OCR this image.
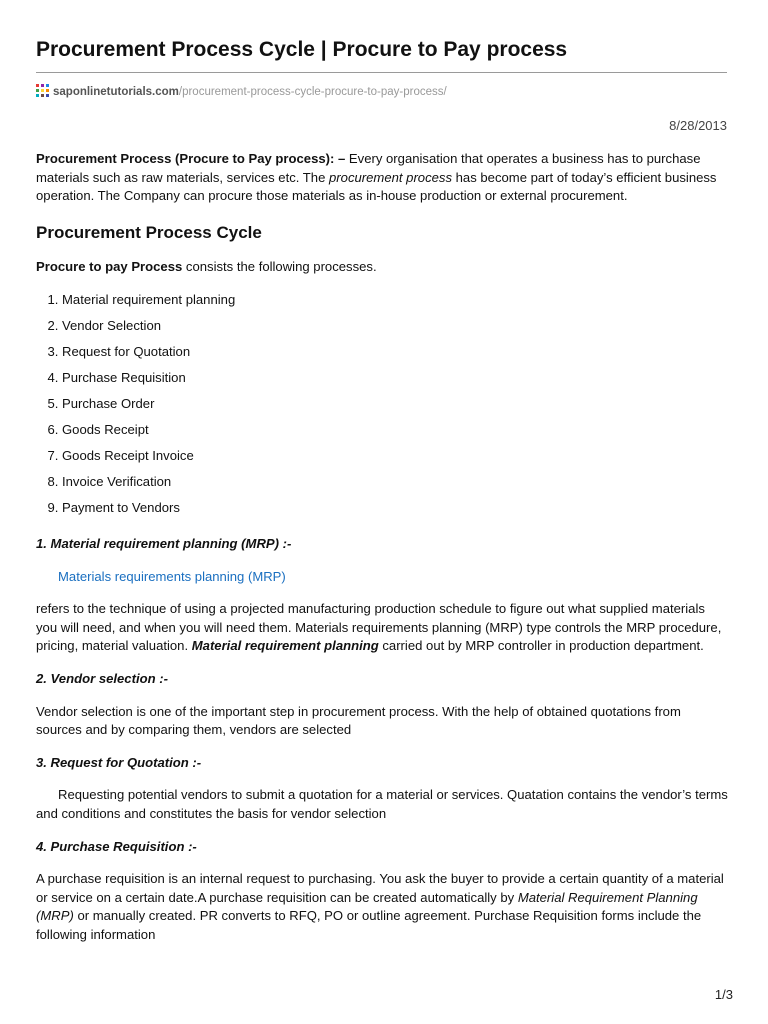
Procurement Process Cycle | Procure to Pay process
saponlinetutorials.com/procurement-process-cycle-procure-to-pay-process/
8/28/2013

Procurement Process (Procure to Pay process): – Every organisation that operates a business has to purchase materials such as raw materials, services etc. The procurement process has become part of today’s efficient business operation. The Company can procure those materials as in-house production or external procurement.

Procurement Process Cycle

Procure to pay Process consists the following processes.

1. Material requirement planning
2. Vendor Selection
3. Request for Quotation
4. Purchase Requisition
5. Purchase Order
6. Goods Receipt
7. Goods Receipt Invoice
8. Invoice Verification
9. Payment to Vendors
1. Material requirement planning (MRP) :-
Materials requirements planning (MRP)

refers to the technique of using a projected manufacturing production schedule to figure out what supplied materials you will need, and when you will need them. Materials requirements planning (MRP) type controls the MRP procedure, pricing, material valuation. Material requirement planning carried out by MRP controller in production department.

2. Vendor selection :-

Vendor selection is one of the important step in procurement process. With the help of obtained quotations from sources and by comparing them, vendors are selected

3. Request for Quotation :-

Requesting potential vendors to submit a quotation for a material or services. Quatation contains the vendor’s terms and conditions and constitutes the basis for vendor selection

4. Purchase Requisition :-

A purchase requisition is an internal request to purchasing. You ask the buyer to provide a certain quantity of a material or service on a certain date.A purchase requisition can be created automatically by Material Requirement Planning (MRP) or manually created. PR converts to RFQ, PO or outline agreement. Purchase Requisition forms include the following information

1/3
